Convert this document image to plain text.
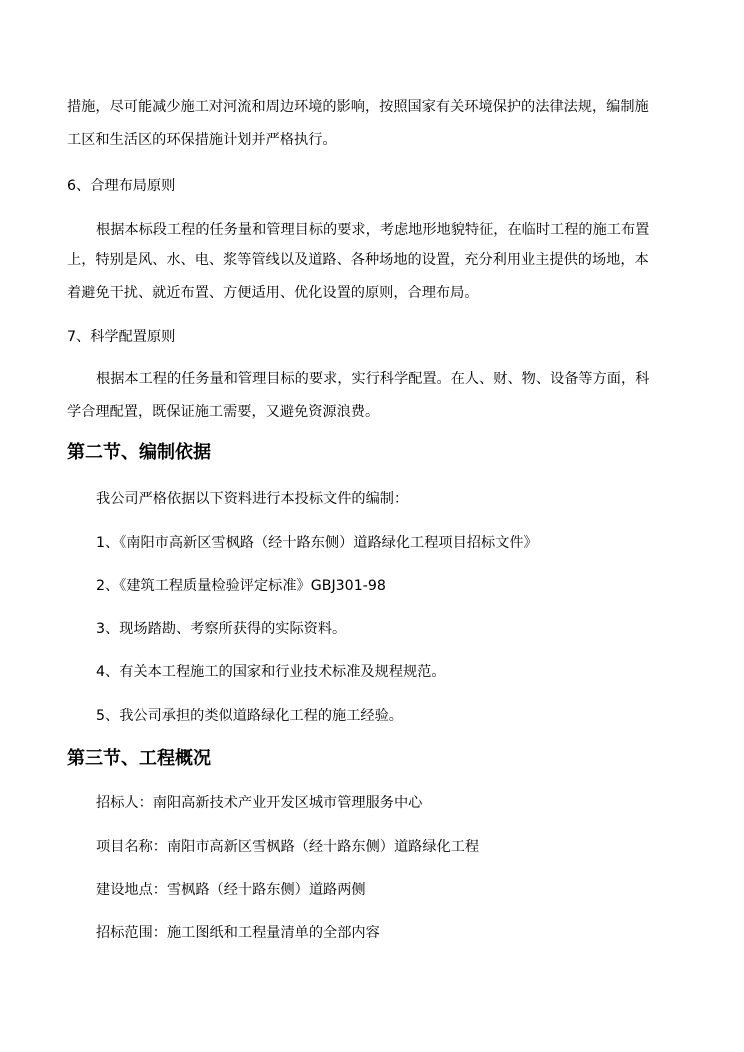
措施，尽可能减少施工对河流和周边环境的影响，按照国家有关环境保护的法律法规，编制施
工区和生活区的环保措施计划并严格执行。
6、合理布局原则
根据本标段工程的任务量和管理目标的要求，考虑地形地貌特征，在临时工程的施工布置
上，特别是风、水、电、浆等管线以及道路、各种场地的设置，充分利用业主提供的场地，本
着避免干扰、就近布置、方便适用、优化设置的原则，合理布局。
7、科学配置原则
根据本工程的任务量和管理目标的要求，实行科学配置。在人、财、物、设备等方面，科
学合理配置，既保证施工需要，又避免资源浪费。
第二节、编制依据
我公司严格依据以下资料进行本投标文件的编制：
1、《南阳市高新区雪枫路（经十路东侧）道路绿化工程项目招标文件》
2、《建筑工程质量检验评定标准》GBJ301-98
3、现场踏勘、考察所获得的实际资料。
4、有关本工程施工的国家和行业技术标准及规程规范。
5、我公司承担的类似道路绿化工程的施工经验。
第三节、工程概况
招标人：南阳高新技术产业开发区城市管理服务中心
项目名称：南阳市高新区雪枫路（经十路东侧）道路绿化工程
建设地点：雪枫路（经十路东侧）道路两侧
招标范围：施工图纸和工程量清单的全部内容
